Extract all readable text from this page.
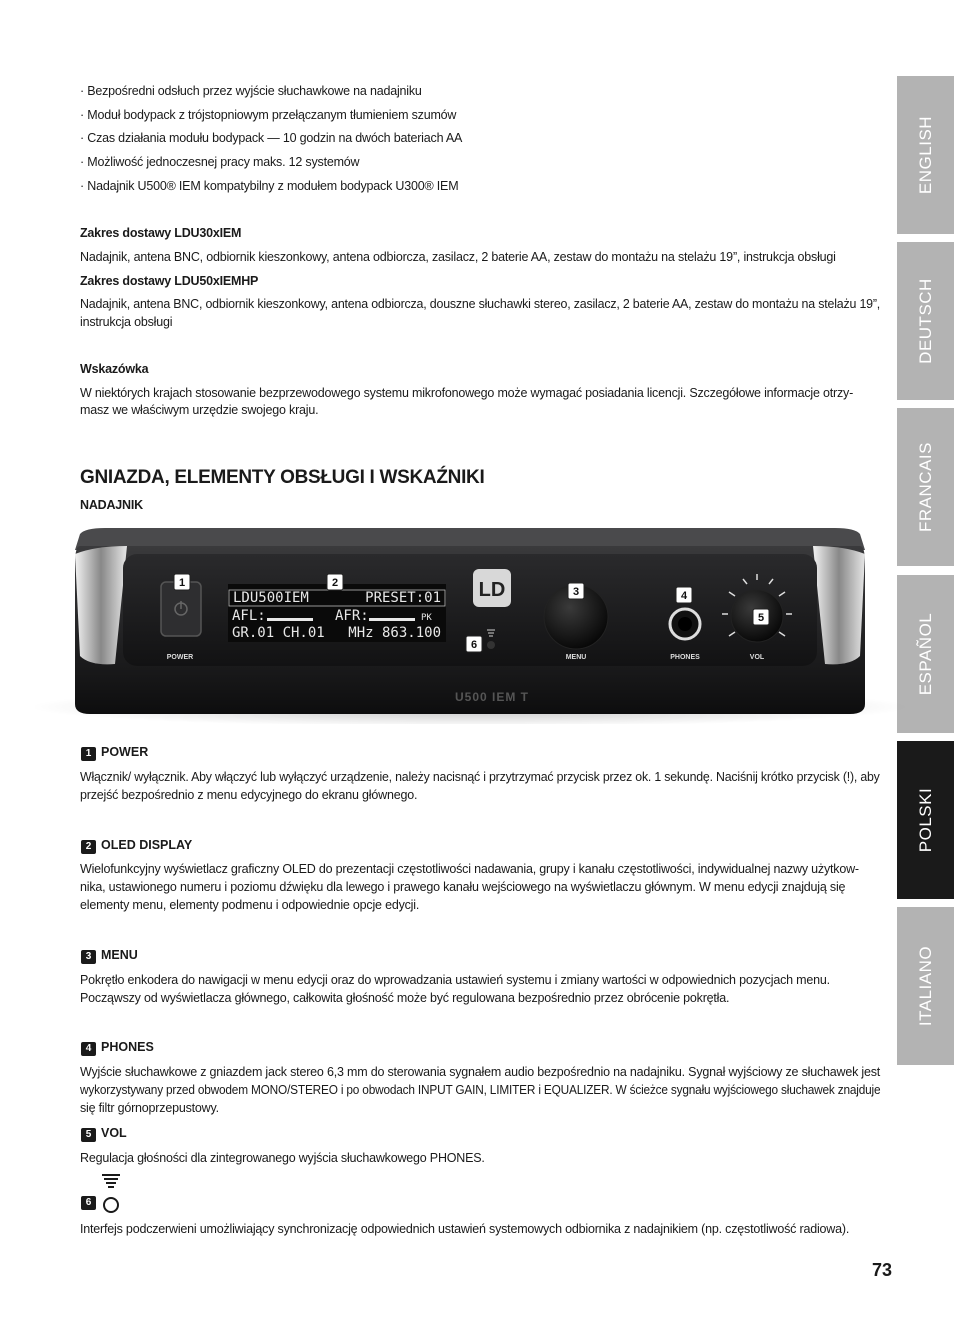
ENGLISH
DEUTSCH
FRANCAIS
ESPAÑOL
POLSKI
ITALIANO
· Bezpośredni odsłuch przez wyjście słuchawkowe na nadajniku
· Moduł bodypack z trójstopniowym przełączanym tłumieniem szumów
· Czas działania modułu bodypack — 10 godzin na dwóch bateriach AA
· Możliwość jednoczesnej pracy maks. 12 systemów
· Nadajnik U500® IEM kompatybilny z modułem bodypack U300® IEM
Zakres dostawy LDU30xIEM
Nadajnik, antena BNC, odbiornik kieszonkowy, antena odbiorcza, zasilacz, 2 baterie AA, zestaw do montażu na stelażu 19”, instrukcja obsługi
Zakres dostawy LDU50xIEMHP
Nadajnik, antena BNC, odbiornik kieszonkowy, antena odbiorcza, douszne słuchawki stereo, zasilacz, 2 baterie AA, zestaw do montażu na stelażu 19”,
instrukcja obsługi
Wskazówka
W niektórych krajach stosowanie bezprzewodowego systemu mikrofonowego może wymagać posiadania licencji. Szczegółowe informacje otrzy-
masz we właściwym urzędzie swojego kraju.
GNIAZDA, ELEMENTY OBSŁUGI I WSKAŹNIKI
NADAJNIK
POWER
LDU500IEM	PRESET:01
AFL:	AFR:	PK
GR.01 CH.01 MHz 863.100
LD
MENU	PHONES	VOL
U500 IEM T
1	2
3	4
5
6
1 POWER
Włącznik/ wyłącznik. Aby włączyć lub wyłączyć urządzenie, należy nacisnąć i przytrzymać przycisk przez ok. 1 sekundę. Naciśnij krótko przycisk (!), aby
przejść bezpośrednio z menu edycyjnego do ekranu głównego.
2 OLED DISPLAY
Wielofunkcyjny wyświetlacz graficzny OLED do prezentacji częstotliwości nadawania, grupy i kanału częstotliwości, indywidualnej nazwy użytkow-
nika, ustawionego numeru i poziomu dźwięku dla lewego i prawego kanału wejściowego na wyświetlaczu głównym. W menu edycji znajdują się
elementy menu, elementy podmenu i odpowiednie opcje edycji.
3 MENU
Pokrętło enkodera do nawigacji w menu edycji oraz do wprowadzania ustawień systemu i zmiany wartości w odpowiednich pozycjach menu.
Począwszy od wyświetlacza głównego, całkowita głośność może być regulowana bezpośrednio przez obrócenie pokrętła.
4 PHONES
Wyjście słuchawkowe z gniazdem jack stereo 6,3 mm do sterowania sygnałem audio bezpośrednio na nadajniku. Sygnał wyjściowy ze słuchawek jest
wykorzystywany przed obwodem MONO/STEREO i po obwodach INPUT GAIN, LIMITER i EQUALIZER. W ścieżce sygnału wyjściowego słuchawek znajduje
się filtr górnoprzepustowy.
5 VOL
Regulacja głośności dla zintegrowanego wyjścia słuchawkowego PHONES.
6
Interfejs podczerwieni umożliwiający synchronizację odpowiednich ustawień systemowych odbiornika z nadajnikiem (np. częstotliwość radiowa).
73
